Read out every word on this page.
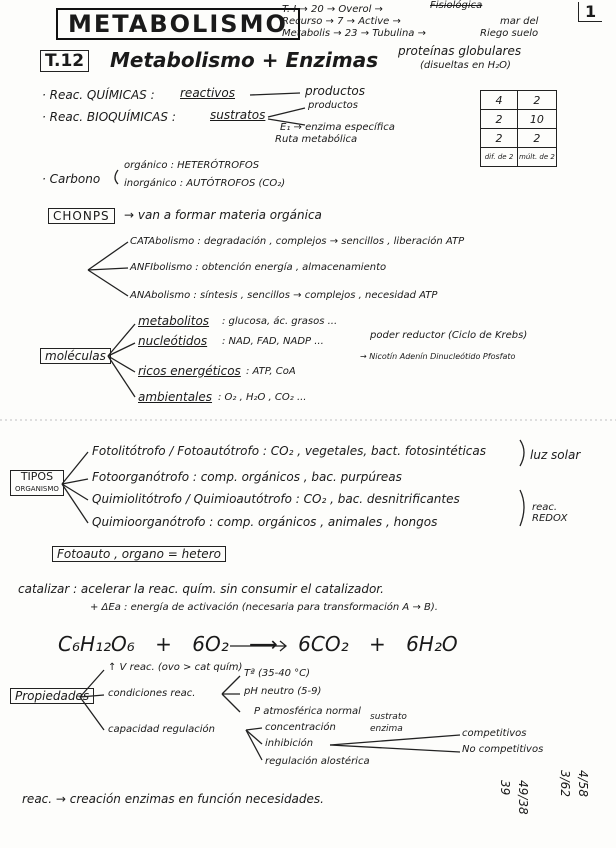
METABOLISMO
T. I → 20 → Overol →
Recurso → 7 → Active →
Metabolis → 23 → Tubulina →
Fisiológica
mar del
Riego suelo
1
T.12 Metabolismo + Enzimas proteínas globulares
(disueltas en H₂O)
· Reac. QUÍMICAS : reactivos	productos
· Reac. BIOQUÍMICAS :	sustratos
productos
E₁ → enzima específica
Ruta metabólica
4	2
2	10
2	2
dif. de 2	múlt. de 2
· Carbono
orgánico : HETERÓTROFOS
inorgánico : AUTÓTROFOS (CO₂)
CHONPS	→ van a formar materia orgánica
CATAbolismo : degradación , complejos → sencillos , liberación ATP
ANFIbolismo : obtención energía , almacenamiento
ANAbolismo : síntesis , sencillos → complejos , necesidad ATP
moléculas
metabolitos : glucosa, ác. grasos ...
nucleótidos : NAD, FAD, NADP ...
poder reductor (Ciclo de Krebs)
→ Nicotín Adenín Dinucleótido Pfosfato
ricos energéticos : ATP, CoA
ambientales : O₂ , H₂O , CO₂ ...
TIPOS
ORGANISMO
Fotolitótrofo / Fotoautótrofo : CO₂ , vegetales, bact. fotosintéticas
Fotoorganótrofo : comp. orgánicos , bac. purpúreas
Quimiolitótrofo / Quimioautótrofo : CO₂ , bac. desnitrificantes
Quimioorganótrofo : comp. orgánicos , animales , hongos
luz solar
reac. REDOX
Fotoauto , organo = hetero
catalizar : acelerar la reac. quím. sin consumir el catalizador.
+ ΔEa : energía de activación (necesaria para transformación A → B).
C₆H₁₂O₆ + 6O₂ ⟶ 6CO₂ + 6H₂O
Propiedades
↑ V reac. (ovo > cat quím)
condiciones reac.
Tª (35-40 °C)
pH neutro (5-9)
P atmosférica normal
capacidad regulación	concentración
sustrato
enzima
inhibición
competitivos
No competitivos
regulación alostérica
reac. → creación enzimas en función necesidades.
4/58
3/62
49/38
39
